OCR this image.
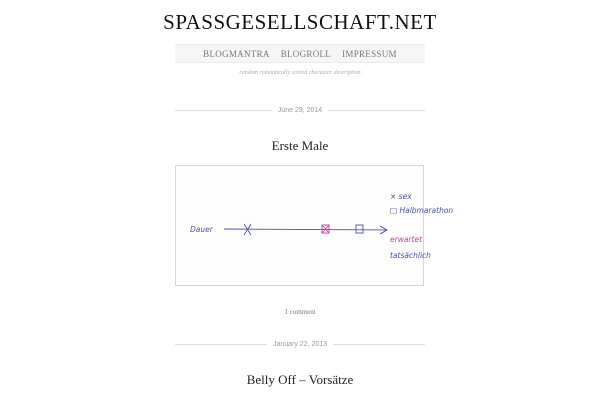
SPASSGESELLSCHAFT.NET
BLOGMANTRA BLOGROLL IMPRESSUM
random romantically scored character description
June 29, 2014
Erste Male
Dauer
× sex
□ Halbmarathon
erwartet
tatsächlich
1 comment
January 22, 2013
Belly Off – Vorsätze
